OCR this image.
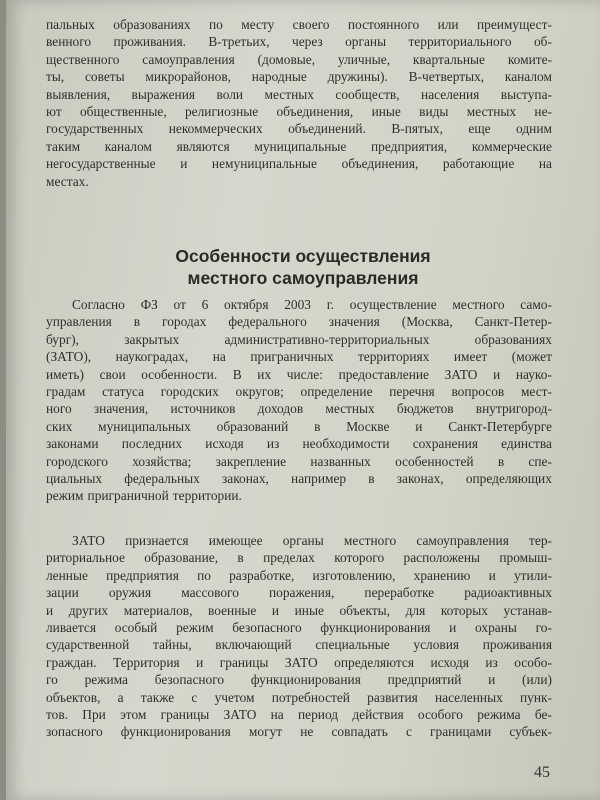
пальных образованиях по месту своего постоянного или преимущест-
венного проживания. В-третьих, через органы территориального об-
щественного самоуправления (домовые, уличные, квартальные комите-
ты, советы микрорайонов, народные дружины). В-четвертых, каналом
выявления, выражения воли местных сообществ, населения выступа-
ют общественные, религиозные объединения, иные виды местных не-
государственных некоммерческих объединений. В-пятых, еще одним
таким каналом являются муниципальные предприятия, коммерческие
негосударственные и немуниципальные объединения, работающие на
местах.
Особенности осуществления
местного самоуправления
Согласно ФЗ от 6 октября 2003 г. осуществление местного само-
управления в городах федерального значения (Москва, Санкт-Петер-
бург),	закрытых	административно-территориальных	образованиях
(ЗАТО), наукоградах, на приграничных территориях имеет (может
иметь) свои особенности. В их числе: предоставление ЗАТО и науко-
градам статуса городских округов; определение перечня вопросов мест-
ного значения, источников доходов местных бюджетов внутригород-
ских муниципальных образований в Москве и Санкт-Петербурге
законами последних исходя из необходимости сохранения единства
городского хозяйства; закрепление названных особенностей в спе-
циальных федеральных законах, например в законах, определяющих
режим приграничной территории.
ЗАТО признается имеющее органы местного самоуправления тер-
риториальное образование, в пределах которого расположены промыш-
ленные предприятия по разработке, изготовлению, хранению и утили-
зации оружия массового поражения, переработке радиоактивных
и других материалов, военные и иные объекты, для которых устанав-
ливается особый режим безопасного функционирования и охраны го-
сударственной тайны, включающий специальные условия проживания
граждан. Территория и границы ЗАТО определяются исходя из особо-
го режима безопасного функционирования предприятий и (или)
объектов, а также с учетом потребностей развития населенных пунк-
тов. При этом границы ЗАТО на период действия особого режима бе-
зопасного функционирования могут не совпадать с границами субъек-
45
